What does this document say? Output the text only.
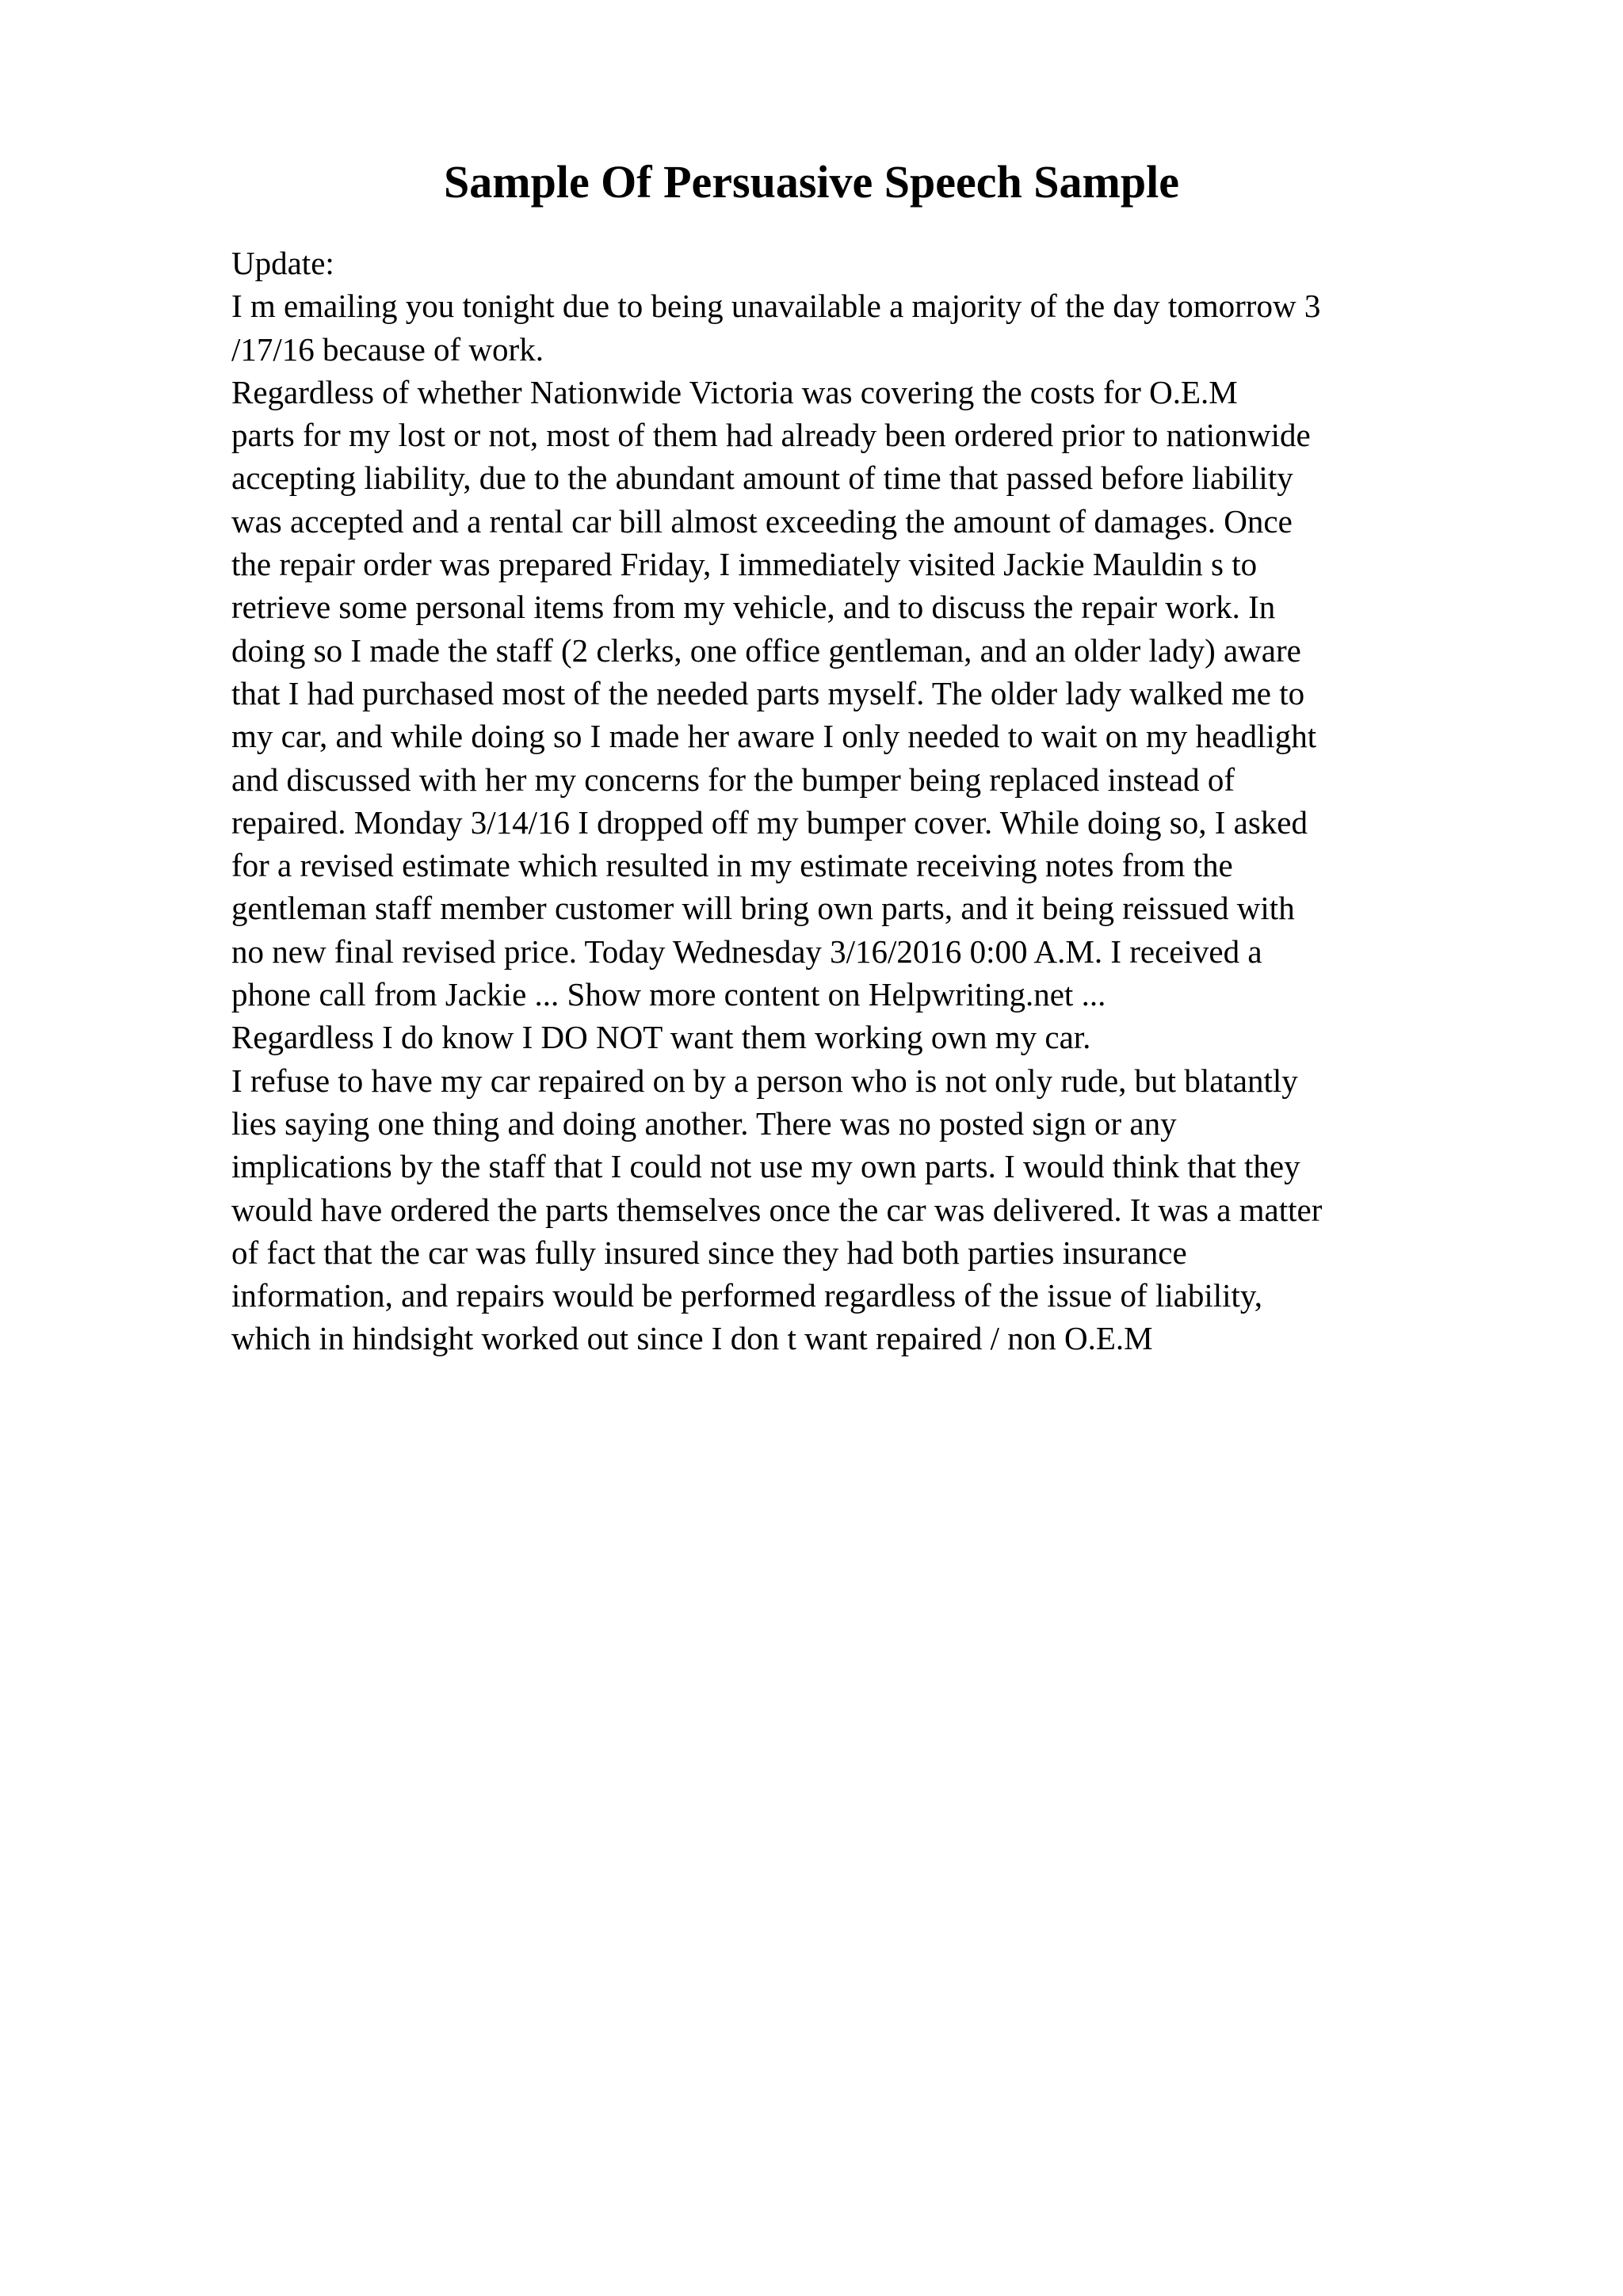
Sample Of Persuasive Speech Sample
Update:
I m emailing you tonight due to being unavailable a majority of the day tomorrow 3
/17/16 because of work.
Regardless of whether Nationwide Victoria was covering the costs for O.E.M
parts for my lost or not, most of them had already been ordered prior to nationwide
accepting liability, due to the abundant amount of time that passed before liability
was accepted and a rental car bill almost exceeding the amount of damages. Once
the repair order was prepared Friday, I immediately visited Jackie Mauldin s to
retrieve some personal items from my vehicle, and to discuss the repair work. In
doing so I made the staff (2 clerks, one office gentleman, and an older lady) aware
that I had purchased most of the needed parts myself. The older lady walked me to
my car, and while doing so I made her aware I only needed to wait on my headlight
and discussed with her my concerns for the bumper being replaced instead of
repaired. Monday 3/14/16 I dropped off my bumper cover. While doing so, I asked
for a revised estimate which resulted in my estimate receiving notes from the
gentleman staff member customer will bring own parts, and it being reissued with
no new final revised price. Today Wednesday 3/16/2016 0:00 A.M. I received a
phone call from Jackie ... Show more content on Helpwriting.net ...
Regardless I do know I DO NOT want them working own my car.
I refuse to have my car repaired on by a person who is not only rude, but blatantly
lies saying one thing and doing another. There was no posted sign or any
implications by the staff that I could not use my own parts. I would think that they
would have ordered the parts themselves once the car was delivered. It was a matter
of fact that the car was fully insured since they had both parties insurance
information, and repairs would be performed regardless of the issue of liability,
which in hindsight worked out since I don t want repaired / non O.E.M
